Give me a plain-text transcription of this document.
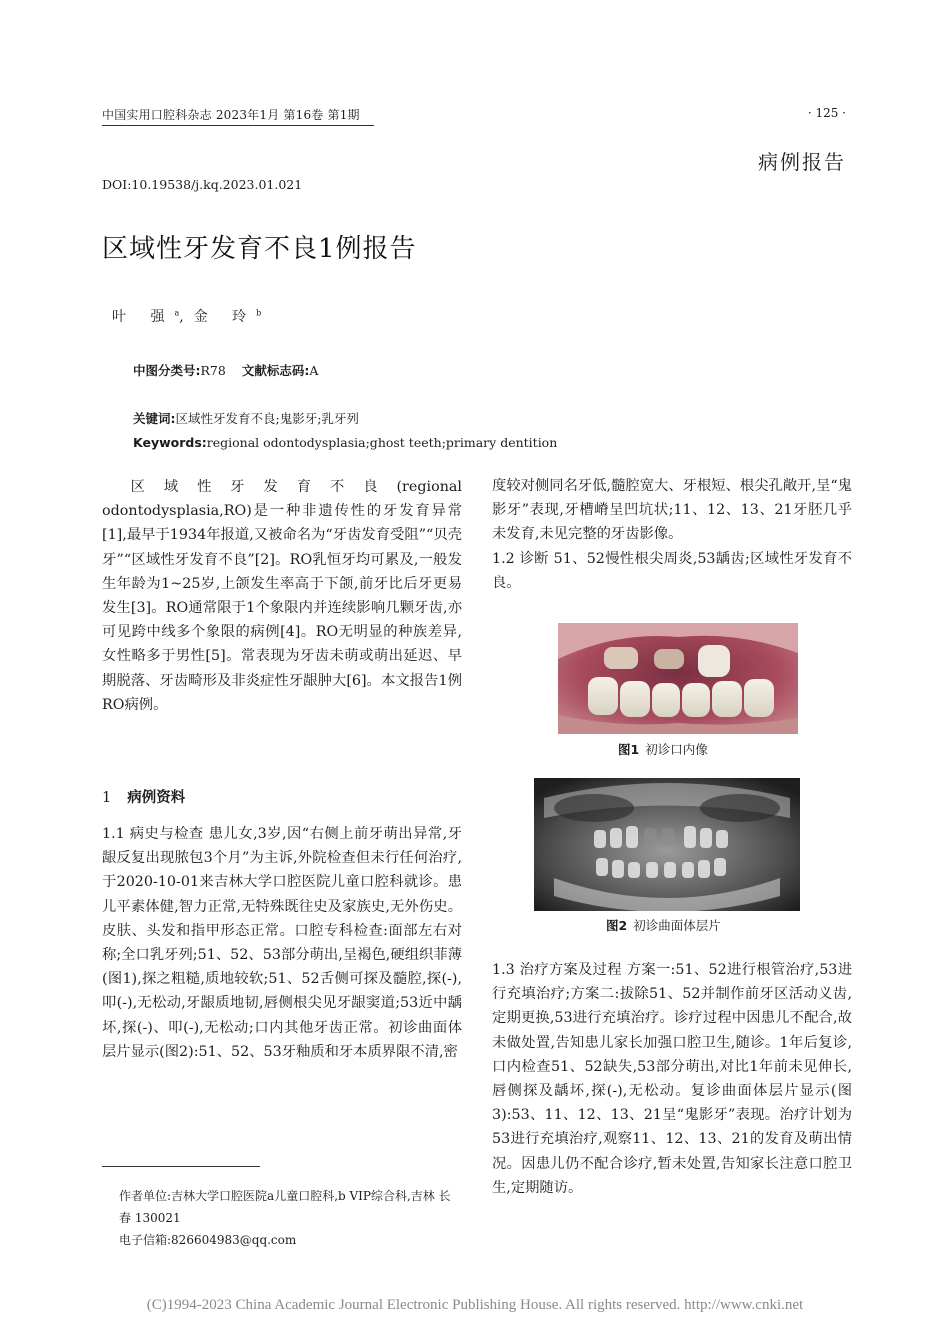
中国实用口腔科杂志 2023年1月 第16卷 第1期	· 125 ·
病例报告
DOI:10.19538/j.kq.2023.01.021
区域性牙发育不良1例报告
叶 强$^a$,金 玲$^b$
中图分类号:R78 文献标志码:A
关键词:区域性牙发育不良;鬼影牙;乳牙列
Keywords:regional odontodysplasia;ghost teeth;primary dentition

区域性牙发育不良(regional odontodysplasia,RO)是一种非遗传性的牙发育异常[1],最早于1934年报道,又被命名为“牙齿发育受阻”“贝壳牙”“区域性牙发育不良”[2]。RO乳恒牙均可累及,一般发生年龄为1~25岁,上颌发生率高于下颌,前牙比后牙更易发生[3]。RO通常限于1个象限内并连续影响几颗牙齿,亦可见跨中线多个象限的病例[4]。RO无明显的种族差异,女性略多于男性[5]。常表现为牙齿未萌或萌出延迟、早期脱落、牙齿畸形及非炎症性牙龈肿大[6]。本文报告1例RO病例。

1 病例资料

1.1 病史与检查 患儿女,3岁,因“右侧上前牙萌出异常,牙龈反复出现脓包3个月”为主诉,外院检查但未行任何治疗,于2020-10-01来吉林大学口腔医院儿童口腔科就诊。患儿平素体健,智力正常,无特殊既往史及家族史,无外伤史。皮肤、头发和指甲形态正常。口腔专科检查:面部左右对称;全口乳牙列;51、52、53部分萌出,呈褐色,硬组织菲薄(图1),探之粗糙,质地较软;51、52舌侧可探及髓腔,探(-),叩(-),无松动,牙龈质地韧,唇侧根尖见牙龈窦道;53近中龋坏,探(-)、叩(-),无松动;口内其他牙齿正常。初诊曲面体层片显示(图2):51、52、53牙釉质和牙本质界限不清,密

度较对侧同名牙低,髓腔宽大、牙根短、根尖孔敞开,呈“鬼影牙”表现,牙槽嵴呈凹坑状;11、12、13、21牙胚几乎未发育,未见完整的牙齿影像。

1.2 诊断 51、52慢性根尖周炎,53龋齿;区域性牙发育不良。

图1 初诊口内像
图2 初诊曲面体层片

1.3 治疗方案及过程 方案一:51、52进行根管治疗,53进行充填治疗;方案二:拔除51、52并制作前牙区活动义齿,定期更换,53进行充填治疗。诊疗过程中因患儿不配合,故未做处置,告知患儿家长加强口腔卫生,随诊。1年后复诊,口内检查51、52缺失,53部分萌出,对比1年前未见伸长,唇侧探及龋坏,探(-),无松动。复诊曲面体层片显示(图3):53、11、12、13、21呈“鬼影牙”表现。治疗计划为53进行充填治疗,观察11、12、13、21的发育及萌出情况。因患儿仍不配合诊疗,暂未处置,告知家长注意口腔卫生,定期随访。

作者单位:吉林大学口腔医院a儿童口腔科,b VIP综合科,吉林 长春 130021
电子信箱:826604983@qq.com
(C)1994-2023 China Academic Journal Electronic Publishing House. All rights reserved. http://www.cnki.net
